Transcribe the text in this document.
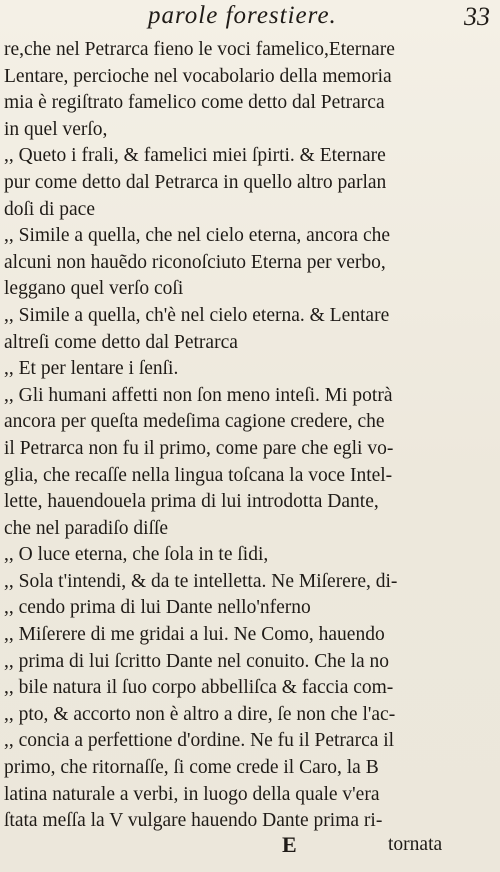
parole forestiere.	33
re,che nel Petrarca fieno le voci famelico,Eternare
Lentare, percioche nel vocabolario della memoria
mia è regiſtrato famelico come detto dal Petrarca
in quel verſo,
,, Queto i frali, & famelici miei ſpirti. & Eternare
pur come detto dal Petrarca in quello altro parlan
doſi di pace
,, Simile a quella, che nel cielo eterna, ancora che
alcuni non hauẽdo riconoſciuto Eterna per verbo,
leggano quel verſo coſi
,, Simile a quella, ch'è nel cielo eterna. & Lentare
altreſi come detto dal Petrarca
,, Et per lentare i ſenſi.
,, Gli humani affetti non ſon meno inteſi. Mi potrà
ancora per queſta medeſima cagione credere, che
il Petrarca non fu il primo, come pare che egli vo-
glia, che recaſſe nella lingua toſcana la voce Intel-
lette, hauendouela prima di lui introdotta Dante,
che nel paradiſo diſſe
,, O luce eterna, che ſola in te ſidi,
,, Sola t'intendi, & da te intelletta. Ne Miſerere, di-
,, cendo prima di lui Dante nello'nferno
,, Miſerere di me gridai a lui. Ne Como, hauendo
,, prima di lui ſcritto Dante nel conuito. Che la no
,, bile natura il ſuo corpo abbelliſca & faccia com-
,, pto, & accorto non è altro a dire, ſe non che l'ac-
,, concia a perfettione d'ordine. Ne fu il Petrarca il
primo, che ritornaſſe, ſi come crede il Caro, la B
latina naturale a verbi, in luogo della quale v'era
ſtata meſſa la V vulgare hauendo Dante prima ri-
E	tornata
